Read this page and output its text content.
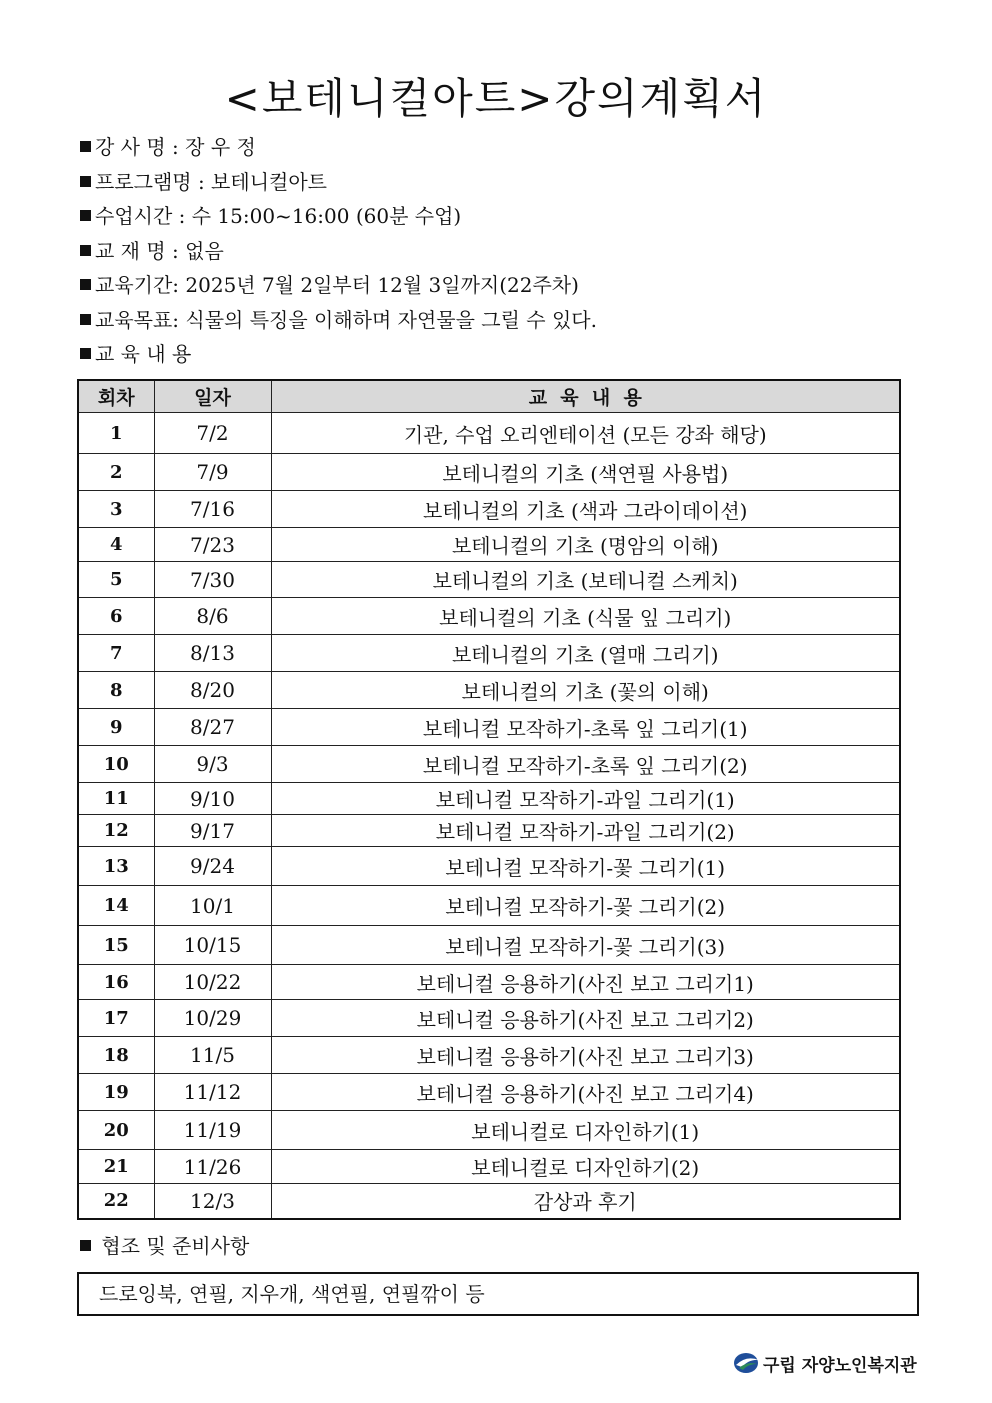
<보테니컬아트>강의계획서
강 사 명 : 장 우 정
프로그램명 : 보테니컬아트
수업시간 : 수 15:00~16:00 (60분 수업)
교 재 명 : 없음
교육기간: 2025년 7월 2일부터 12월 3일까지(22주차)
교육목표: 식물의 특징을 이해하며 자연물을 그릴 수 있다.
교 육 내 용
회차	일자	교  육  내  용
1	7/2	기관, 수업 오리엔테이션 (모든 강좌 해당)
2	7/9	보테니컬의 기초 (색연필 사용법)
3	7/16	보테니컬의 기초 (색과 그라이데이션)
4	7/23	보테니컬의 기초 (명암의 이해)
5	7/30	보테니컬의 기초 (보테니컬 스케치)
6	8/6	보테니컬의 기초 (식물 잎 그리기)
7	8/13	보테니컬의 기초 (열매 그리기)
8	8/20	보테니컬의 기초 (꽃의 이해)
9	8/27	보테니컬 모작하기-초록 잎 그리기(1)
10	9/3	보테니컬 모작하기-초록 잎 그리기(2)
11	9/10	보테니컬 모작하기-과일 그리기(1)
12	9/17	보테니컬 모작하기-과일 그리기(2)
13	9/24	보테니컬 모작하기-꽃 그리기(1)
14	10/1	보테니컬 모작하기-꽃 그리기(2)
15	10/15	보테니컬 모작하기-꽃 그리기(3)
16	10/22	보테니컬 응용하기(사진 보고 그리기1)
17	10/29	보테니컬 응용하기(사진 보고 그리기2)
18	11/5	보테니컬 응용하기(사진 보고 그리기3)
19	11/12	보테니컬 응용하기(사진 보고 그리기4)
20	11/19	보테니컬로 디자인하기(1)
21	11/26	보테니컬로 디자인하기(2)
22	12/3	감상과 후기
협조 및 준비사항
드로잉북, 연필, 지우개, 색연필, 연필깎이 등
구립 자양노인복지관
